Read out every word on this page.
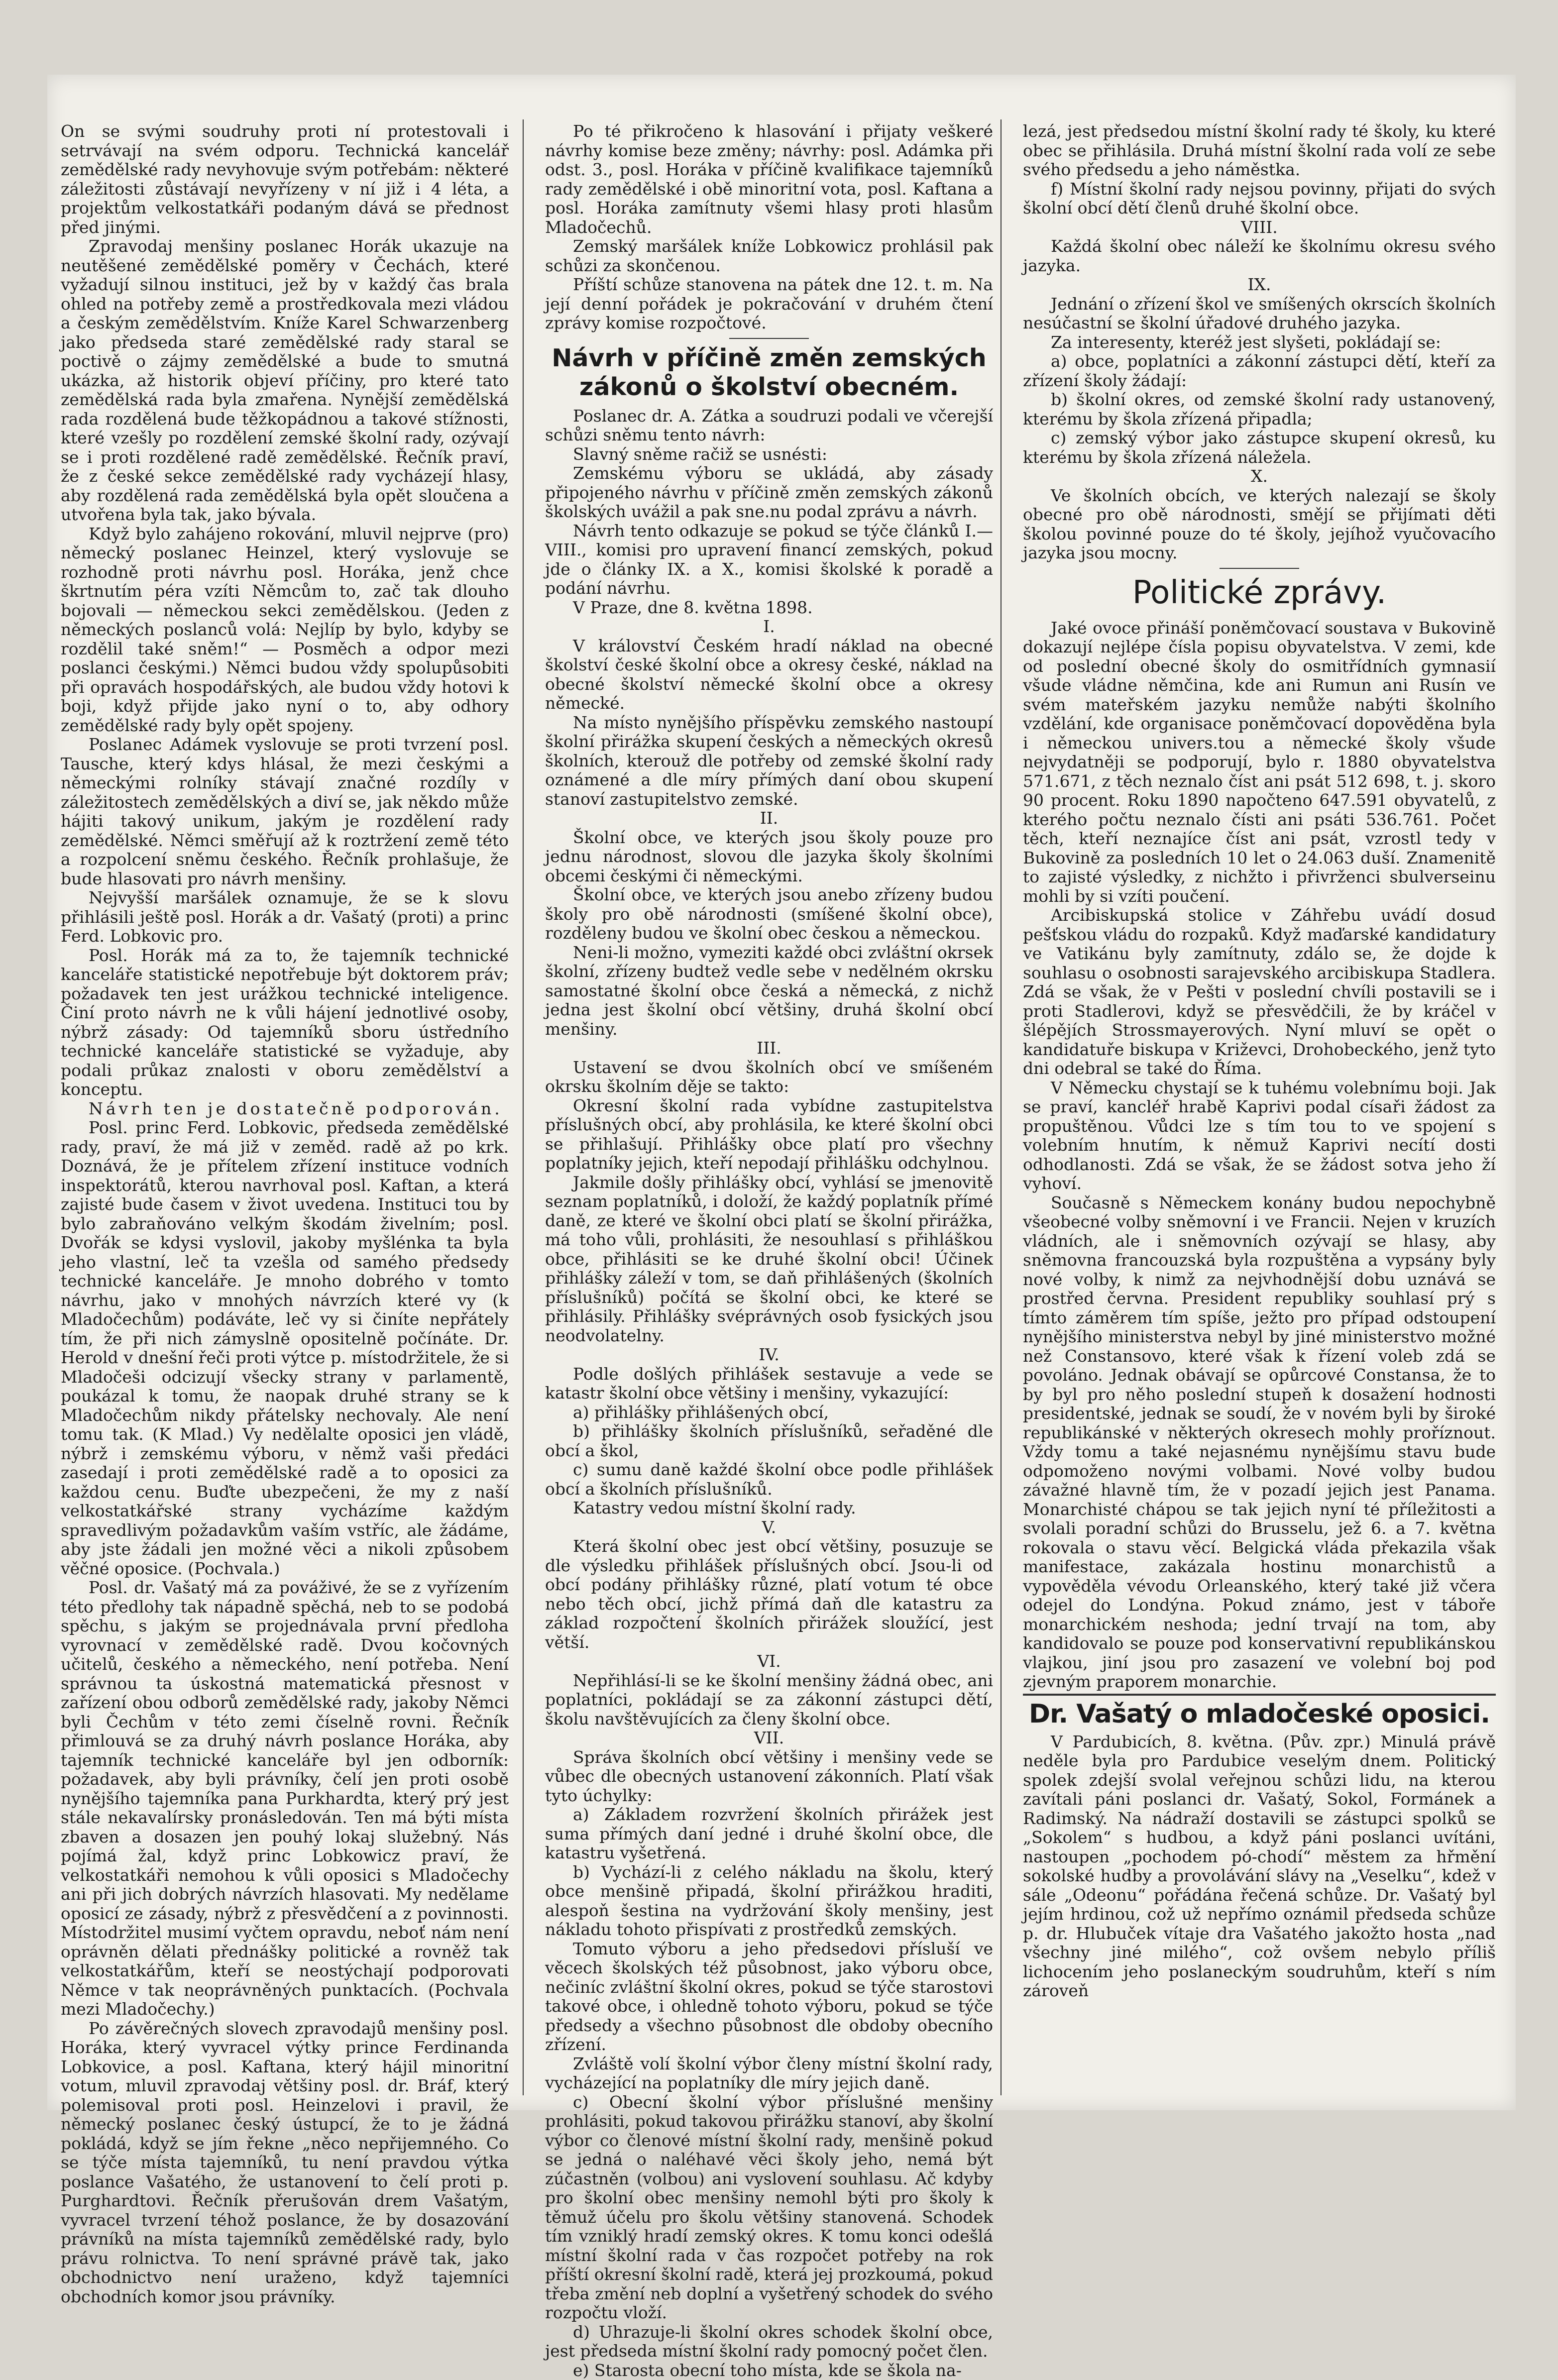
On se svými soudruhy proti ní protestovali i setrvávají na svém odporu. Technická kancelář zemědělské rady nevyhovuje svým potřebám: některé záležitosti zůstávají nevyřízeny v ní již i 4 léta, a projektům velkostatkáři podaným dává se přednost před jinými.

Zpravodaj menšiny poslanec Horák ukazuje na neutěšené zemědělské poměry v Čechách, které vyžadují silnou instituci, jež by v každý čas brala ohled na potřeby země a prostředkovala mezi vládou a českým zemědělstvím. Kníže Karel Schwarzenberg jako předseda staré zemědělské rady staral se poctivě o zájmy zemědělské a bude to smutná ukázka, až historik objeví příčiny, pro které tato zemědělská rada byla zmařena. Nynější zemědělská rada rozdělená bude těžkopádnou a takové stížnosti, které vzešly po rozdělení zemské školní rady, ozývají se i proti rozdělené radě zemědělské. Řečník praví, že z české sekce zemědělské rady vycházejí hlasy, aby rozdělená rada zemědělská byla opět sloučena a utvořena byla tak, jako bývala.

Když bylo zahájeno rokování, mluvil nejprve (pro) německý poslanec Heinzel, který vyslovuje se rozhodně proti návrhu posl. Horáka, jenž chce škrtnutím péra vzíti Němcům to, zač tak dlouho bojovali — německou sekci zemědělskou. (Jeden z německých poslanců volá: Nejlíp by bylo, kdyby se rozdělil také sněm!“ — Posměch a odpor mezi poslanci českými.) Němci budou vždy spolupůsobiti při opravách hospodářských, ale budou vždy hotovi k boji, když přijde jako nyní o to, aby odhory zemědělské rady byly opět spojeny.

Poslanec Adámek vyslovuje se proti tvrzení posl. Tausche, který kdys hlásal, že mezi českými a německými rolníky stávají značné rozdíly v záležitostech zemědělských a diví se, jak někdo může hájiti takový unikum, jakým je rozdělení rady zemědělské. Němci směřují až k roztržení země této a rozpolcení sněmu českého. Řečník prohlašuje, že bude hlasovati pro návrh menšiny.

Nejvyšší maršálek oznamuje, že se k slovu přihlásili ještě posl. Horák a dr. Vašatý (proti) a princ Ferd. Lobkovic pro.

Posl. Horák má za to, že tajemník technické kanceláře statistické nepotřebuje být doktorem práv; požadavek ten jest urážkou technické inteligence. Činí proto návrh ne k vůli hájení jednotlivé osoby, nýbrž zásady: Od tajemníků sboru ústředního technické kanceláře statistické se vyžaduje, aby podali průkaz znalosti v oboru zemědělství a konceptu.

Návrh ten je dostatečně podporován.

Posl. princ Ferd. Lobkovic, předseda zemědělské rady, praví, že má již v zeměd. radě až po krk. Doznává, že je přítelem zřízení instituce vodních inspektorátů, kterou navrhoval posl. Kaftan, a která zajisté bude časem v život uvedena. Instituci tou by bylo zabraňováno velkým škodám živelním; posl. Dvořák se kdysi vyslovil, jakoby myšlénka ta byla jeho vlastní, leč ta vzešla od samého předsedy technické kanceláře. Je mnoho dobrého v tomto návrhu, jako v mnohých návrzích které vy (k Mladočechům) podáváte, leč vy si činíte nepřátely tím, že při nich zámyslně opositelně počínáte. Dr. Herold v dnešní řeči proti výtce p. místodržitele, že si Mladočeši odcizují všecky strany v parlamentě, poukázal k tomu, že naopak druhé strany se k Mladočechům nikdy přátelsky nechovaly. Ale není tomu tak. (K Mlad.) Vy nedělalte oposici jen vládě, nýbrž i zemskému výboru, v němž vaši předáci zasedají i proti zemědělské radě a to oposici za každou cenu. Buďte ubezpečeni, že my z naší velkostatkářské strany vycházíme každým spravedlivým požadavkům vaším vstříc, ale žádáme, aby jste žádali jen možné věci a nikoli způsobem věčné oposice. (Pochvala.)

Posl. dr. Vašatý má za pováživé, že se z vyřízením této předlohy tak nápadně spěchá, neb to se podobá spěchu, s jakým se projednávala první předloha vyrovnací v zemědělské radě. Dvou kočovných učitelů, českého a německého, není potřeba. Není správnou ta úskostná matematická přesnost v zařízení obou odborů zemědělské rady, jakoby Němci byli Čechům v této zemi číselně rovni. Řečník přimlouvá se za druhý návrh poslance Horáka, aby tajemník technické kanceláře byl jen odborník: požadavek, aby byli právníky, čelí jen proti osobě nynějšího tajemníka pana Purkhardta, který prý jest stále nekavalírsky pronásledován. Ten má býti místa zbaven a dosazen jen pouhý lokaj služebný. Nás pojímá žal, když princ Lobkowicz praví, že velkostatkáři nemohou k vůli oposici s Mladočechy ani při jich dobrých návrzích hlasovati. My nedělame oposicí ze zásady, nýbrž z přesvědčení a z povinnosti. Místodržitel musimí vyčtem opravdu, neboť nám není oprávněn dělati přednášky politické a rovněž tak velkostatkářům, kteří se neostýchají podporovati Němce v tak neoprávněných punktacích. (Pochvala mezi Mladočechy.)

Po závěrečných slovech zpravodajů menšiny posl. Horáka, který vyvracel výtky prince Ferdinanda Lobkovice, a posl. Kaftana, který hájil minoritní votum, mluvil zpravodaj většiny posl. dr. Bráf, který polemisoval proti posl. Heinzelovi i pravil, že německý poslanec český ústupcí, že to je žádná pokládá, když se jím řekne „něco nepřijemného. Co se týče místa tajemníků, tu není pravdou výtka poslance Vašatého, že ustanovení to čelí proti p. Purghardtovi. Řečník přerušován drem Vašatým, vyvracel tvrzení téhož poslance, že by dosazování právníků na místa tajemníků zemědělské rady, bylo právu rolnictva. To není správné právě tak, jako obchodnictvo není uraženo, když tajemníci obchodních komor jsou právníky.

Po té přikročeno k hlasování i přijaty veškeré návrhy komise beze změny; návrhy: posl. Adámka při odst. 3., posl. Horáka v příčině kvalifikace tajemníků rady zemědělské i obě minoritní vota, posl. Kaftana a posl. Horáka zamítnuty všemi hlasy proti hlasům Mladočechů.

Zemský maršálek kníže Lobkowicz prohlásil pak schůzi za skončenou.

Příští schůze stanovena na pátek dne 12. t. m. Na její denní pořádek je pokračování v druhém čtení zprávy komise rozpočtové.

Návrh v příčině změn zemských zákonů o školství obecném.

Poslanec dr. A. Zátka a soudruzi podali ve včerejší schůzi sněmu tento návrh:

Slavný sněme račiž se usnésti:

Zemskému výboru se ukládá, aby zásady připojeného návrhu v příčině změn zemských zákonů školských uvážil a pak sne.nu podal zprávu a návrh.

Návrh tento odkazuje se pokud se týče článků I.—VIII., komisi pro upravení financí zemských, pokud jde o články IX. a X., komisi školské k poradě a podání návrhu.

V Praze, dne 8. května 1898.

I.

V království Českém hradí náklad na obecné školství české školní obce a okresy české, náklad na obecné školství německé školní obce a okresy německé.

Na místo nynějšího příspěvku zemského nastoupí školní přirážka skupení českých a německých okresů školních, kterouž dle potřeby od zemské školní rady oznámené a dle míry přímých daní obou skupení stanoví zastupitelstvo zemské.

II.

Školní obce, ve kterých jsou školy pouze pro jednu národnost, slovou dle jazyka školy školními obcemi českými či německými.

Školní obce, ve kterých jsou anebo zřízeny budou školy pro obě národnosti (smíšené školní obce), rozděleny budou ve školní obec českou a německou.

Neni-li možno, vymeziti každé obci zvláštní okrsek školní, zřízeny budtež vedle sebe v nedělném okrsku samostatné školní obce česká a německá, z nichž jedna jest školní obcí většiny, druhá školní obcí menšiny.

III.

Ustavení se dvou školních obcí ve smíšeném okrsku školním děje se takto:

Okresní školní rada vybídne zastupitelstva příslušných obcí, aby prohlásila, ke které školní obci se přihlašují. Přihlášky obce platí pro všechny poplatníky jejich, kteří nepodají přihlášku odchylnou.

Jakmile došly přihlášky obcí, vyhlásí se jmenovitě seznam poplatníků, i doloží, že každý poplatník přímé daně, ze které ve školní obci platí se školní přirážka, má toho vůli, prohlásiti, že nesouhlasí s přihláškou obce, přihlásiti se ke druhé školní obci! Účinek přihlášky záleží v tom, se daň přihlášených (školních příslušníků) počítá se školní obci, ke které se přihlásily. Přihlášky svéprávných osob fysických jsou neodvolatelny.

IV.

Podle došlých přihlášek sestavuje a vede se katastr školní obce většiny i menšiny, vykazující:

a) přihlášky přihlášených obcí,

b) přihlášky školních příslušníků, seřaděné dle obcí a škol,

c) sumu daně každé školní obce podle přihlášek obcí a školních příslušníků.

Katastry vedou místní školní rady.

V.

Která školní obec jest obcí většiny, posuzuje se dle výsledku přihlášek příslušných obcí. Jsou-li od obcí podány přihlášky různé, platí votum té obce nebo těch obcí, jichž přímá daň dle katastru za základ rozpočtení školních přirážek sloužící, jest větší.

VI.

Nepřihlásí-li se ke školní menšiny žádná obec, ani poplatníci, pokládají se za zákonní zástupci dětí, školu navštěvujících za členy školní obce.

VII.

Správa školních obcí většiny i menšiny vede se vůbec dle obecných ustanovení zákonních. Platí však tyto úchylky:

a) Základem rozvržení školních přirážek jest suma přímých daní jedné i druhé školní obce, dle katastru vyšetřená.

b) Vychází-li z celého nákladu na školu, který obce menšině připadá, školní přirážkou hraditi, alespoň šestina na vydržování školy menšiny, jest nákladu tohoto přispívati z prostředků zemských.

Tomuto výboru a jeho předsedovi přísluší ve věcech školských též působnost, jako výboru obce, nečiníc zvláštní školní okres, pokud se týče starostovi takové obce, i ohledně tohoto výboru, pokud se týče předsedy a všechno působnost dle obdoby obecního zřízení.

Zvláště volí školní výbor členy místní školní rady, vycházející na poplatníky dle míry jejich daně.

c) Obecní školní výbor příslušné menšiny prohlásiti, pokud takovou přirážku stanoví, aby školní výbor co členové místní školní rady, menšině pokud se jedná o naléhavé věci školy jeho, nemá být zúčastněn (volbou) ani vyslovení souhlasu. Ač kdyby pro školní obec menšiny nemohl býti pro školy k těmuž účelu pro školu většiny stanovená. Schodek tím vzniklý hradí zemský okres. K tomu konci odešlá místní školní rada v čas rozpočet potřeby na rok příští okresní školní radě, která jej prozkoumá, pokud třeba změní neb doplní a vyšetřený schodek do svého rozpočtu vloží.

d) Uhrazuje-li školní okres schodek školní obce, jest předseda místní školní rady pomocný počet člen.

e) Starosta obecní toho místa, kde se škola na-

lezá, jest předsedou místní školní rady té školy, ku které obec se přihlásila. Druhá místní školní rada volí ze sebe svého předsedu a jeho náměstka.

f) Místní školní rady nejsou povinny, přijati do svých školní obcí dětí členů druhé školní obce.

VIII.

Každá školní obec náleží ke školnímu okresu svého jazyka.

IX.

Jednání o zřízení škol ve smíšených okrscích školních nesúčastní se školní úřadové druhého jazyka.

Za interesenty, kteréž jest slyšeti, pokládají se:

a) obce, poplatníci a zákonní zástupci dětí, kteří za zřízení školy žádají:

b) školní okres, od zemské školní rady ustanovený, kterému by škola zřízená připadla;

c) zemský výbor jako zástupce skupení okresů, ku kterému by škola zřízená náležela.

X.

Ve školních obcích, ve kterých nalezají se školy obecné pro obě národnosti, smějí se přijímati děti školou povinné pouze do té školy, jejíhož vyučovacího jazyka jsou mocny.

Politické zprávy.

Jaké ovoce přináší poněmčovací soustava v Bukovině dokazují nejlépe čísla popisu obyvatelstva. V zemi, kde od poslední obecné školy do osmitřídních gymnasií všude vládne němčina, kde ani Rumun ani Rusín ve svém mateřském jazyku nemůže nabýti školního vzdělání, kde organisace poněmčovací dopověděna byla i německou univers.tou a německé školy všude nejvydatněji se podporují, bylo r. 1880 obyvatelstva 571.671, z těch neznalo číst ani psát 512 698, t. j. skoro 90 procent. Roku 1890 napočteno 647.591 obyvatelů, z kterého počtu neznalo čísti ani psáti 536.761. Počet těch, kteří neznajíce číst ani psát, vzrostl tedy v Bukovině za posledních 10 let o 24.063 duší. Znamenitě to zajisté výsledky, z nichžto i přivrženci sbulverseinu mohli by si vzíti poučení.

Arcibiskupská stolice v Záhřebu uvádí dosud pešťskou vládu do rozpaků. Když maďarské kandidatury ve Vatikánu byly zamítnuty, zdálo se, že dojde k souhlasu o osobnosti sarajevského arcibiskupa Stadlera. Zdá se však, že v Pešti v poslední chvíli postavili se i proti Stadlerovi, když se přesvědčili, že by kráčel v šlépějích Strossmayerových. Nyní mluví se opět o kandidatuře biskupa v Križevci, Drohobeckého, jenž tyto dni odebral se také do Říma.

V Německu chystají se k tuhému volebnímu boji. Jak se praví, kancléř hrabě Kaprivi podal císaři žádost za propuštěnou. Vůdci lze s tím tou to ve spojení s volebním hnutím, k němuž Kaprivi necítí dosti odhodlanosti. Zdá se však, že se žádost sotva jeho ží vyhoví.

Současně s Německem konány budou nepochybně všeobecné volby sněmovní i ve Francii. Nejen v kruzích vládních, ale i sněmovních ozývají se hlasy, aby sněmovna francouzská byla rozpuštěna a vypsány byly nové volby, k nimž za nejvhodnější dobu uznává se prostřed června. President republiky souhlasí prý s tímto záměrem tím spíše, ježto pro případ odstoupení nynějšího ministerstva nebyl by jiné ministerstvo možné než Constansovo, které však k řízení voleb zdá se povoláno. Jednak obávají se opůrcové Constansa, že to by byl pro něho poslední stupeň k dosažení hodnosti presidentské, jednak se soudí, že v novém byli by široké republikánské v některých okresech mohly proříznout. Vždy tomu a také nejasnému nynějšímu stavu bude odpomoženo novými volbami. Nové volby budou závažné hlavně tím, že v pozadí jejich jest Panama. Monarchisté chápou se tak jejich nyní té příležitosti a svolali poradní schůzi do Brusselu, jež 6. a 7. května rokovala o stavu věcí. Belgická vláda překazila však manifestace, zakázala hostinu monarchistů a vypověděla vévodu Orleanského, který také již včera odejel do Londýna. Pokud známo, jest v táboře monarchickém neshoda; jední trvají na tom, aby kandidovalo se pouze pod konservativní republikánskou vlajkou, jiní jsou pro zasazení ve volební boj pod zjevným praporem monarchie.

Dr. Vašatý o mladočeské oposici.

V Pardubicích, 8. května. (Pův. zpr.) Minulá právě neděle byla pro Pardubice veselým dnem. Politický spolek zdejší svolal veřejnou schůzi lidu, na kterou zavítali páni poslanci dr. Vašatý, Sokol, Formánek a Radimský. Na nádraží dostavili se zástupci spolků se „Sokolem“ s hudbou, a když páni poslanci uvítáni, nastoupen „pochodem pó-chodí“ městem za hřmění sokolské hudby a provolávání slávy na „Veselku“, kdež v sále „Odeonu“ pořádána řečená schůze. Dr. Vašatý byl jejím hrdinou, což už nepřímo oznámil předseda schůze p. dr. Hlubuček vítaje dra Vašatého jakožto hosta „nad všechny jiné milého“, což ovšem nebylo příliš lichocením jeho poslaneckým soudruhům, kteří s ním zároveň
